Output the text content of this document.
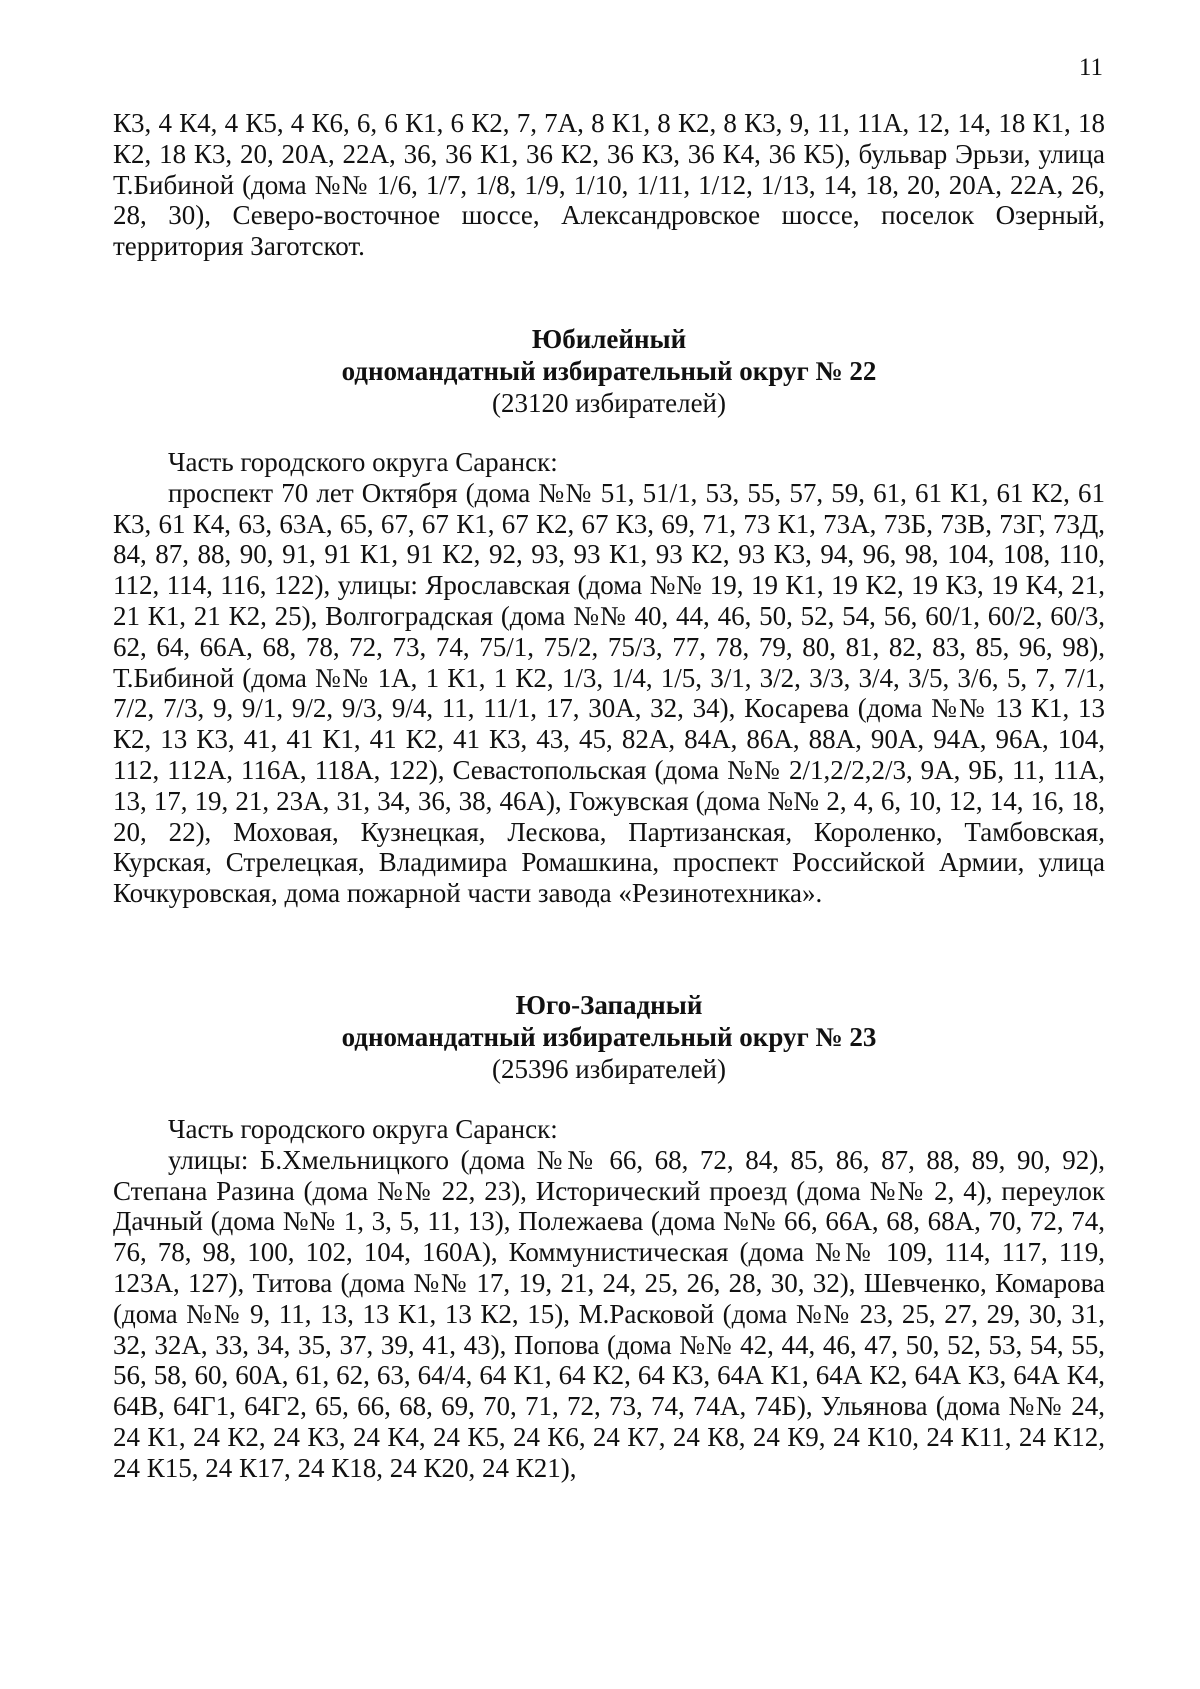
11

К3, 4 К4, 4 К5, 4 К6, 6, 6 К1, 6 К2, 7, 7А, 8 К1, 8 К2, 8 К3, 9, 11, 11А, 12, 14, 18 К1, 18 К2, 18 К3, 20, 20А, 22А, 36, 36 К1, 36 К2, 36 К3, 36 К4, 36 К5), бульвар Эрьзи, улица Т.Бибиной (дома №№ 1/6, 1/7, 1/8, 1/9, 1/10, 1/11, 1/12, 1/13, 14, 18, 20, 20А, 22А, 26, 28, 30), Северо-восточное шоссе, Александровское шоссе, поселок Озерный, территория Заготскот.

Юбилейный
одномандатный избирательный округ № 22
(23120 избирателей)

Часть городского округа Саранск:

проспект 70 лет Октября (дома №№ 51, 51/1, 53, 55, 57, 59, 61, 61 К1, 61 К2, 61 К3, 61 К4, 63, 63А, 65, 67, 67 К1, 67 К2, 67 К3, 69, 71, 73 К1, 73А, 73Б, 73В, 73Г, 73Д, 84, 87, 88, 90, 91, 91 К1, 91 К2, 92, 93, 93 К1, 93 К2, 93 К3, 94, 96, 98, 104, 108, 110, 112, 114, 116, 122), улицы: Ярославская (дома №№ 19, 19 К1, 19 К2, 19 К3, 19 К4, 21, 21 К1, 21 К2, 25), Волгоградская (дома №№ 40, 44, 46, 50, 52, 54, 56, 60/1, 60/2, 60/3, 62, 64, 66А, 68, 78, 72, 73, 74, 75/1, 75/2, 75/3, 77, 78, 79, 80, 81, 82, 83, 85, 96, 98), Т.Бибиной (дома №№ 1А, 1 К1, 1 К2, 1/3, 1/4, 1/5, 3/1, 3/2, 3/3, 3/4, 3/5, 3/6, 5, 7, 7/1, 7/2, 7/3, 9, 9/1, 9/2, 9/3, 9/4, 11, 11/1, 17, 30А, 32, 34), Косарева (дома №№ 13 К1, 13 К2, 13 К3, 41, 41 К1, 41 К2, 41 К3, 43, 45, 82А, 84А, 86А, 88А, 90А, 94А, 96А, 104, 112, 112А, 116А, 118А, 122), Севастопольская (дома №№ 2/1,2/2,2/3, 9А, 9Б, 11, 11А, 13, 17, 19, 21, 23А, 31, 34, 36, 38, 46А), Гожувская (дома №№ 2, 4, 6, 10, 12, 14, 16, 18, 20, 22), Моховая, Кузнецкая, Лескова, Партизанская, Короленко, Тамбовская, Курская, Стрелецкая, Владимира Ромашкина, проспект Российской Армии, улица Кочкуровская, дома пожарной части завода «Резинотехника».

Юго-Западный
одномандатный избирательный округ № 23
(25396 избирателей)

Часть городского округа Саранск:

улицы: Б.Хмельницкого (дома №№ 66, 68, 72, 84, 85, 86, 87, 88, 89, 90, 92), Степана Разина (дома №№ 22, 23), Исторический проезд (дома №№ 2, 4), переулок Дачный (дома №№ 1, 3, 5, 11, 13), Полежаева (дома №№ 66, 66А, 68, 68А, 70, 72, 74, 76, 78, 98, 100, 102, 104, 160А), Коммунистическая (дома №№ 109, 114, 117, 119, 123А, 127), Титова (дома №№ 17, 19, 21, 24, 25, 26, 28, 30, 32), Шевченко, Комарова (дома №№ 9, 11, 13, 13 К1, 13 К2, 15), М.Расковой (дома №№ 23, 25, 27, 29, 30, 31, 32, 32А, 33, 34, 35, 37, 39, 41, 43), Попова (дома №№ 42, 44, 46, 47, 50, 52, 53, 54, 55, 56, 58, 60, 60А, 61, 62, 63, 64/4, 64 К1, 64 К2, 64 К3, 64А К1, 64А К2, 64А К3, 64А К4, 64В, 64Г1, 64Г2, 65, 66, 68, 69, 70, 71, 72, 73, 74, 74А, 74Б), Ульянова (дома №№ 24, 24 К1, 24 К2, 24 К3, 24 К4, 24 К5, 24 К6, 24 К7, 24 К8, 24 К9, 24 К10, 24 К11, 24 К12, 24 К15, 24 К17, 24 К18, 24 К20, 24 К21),
